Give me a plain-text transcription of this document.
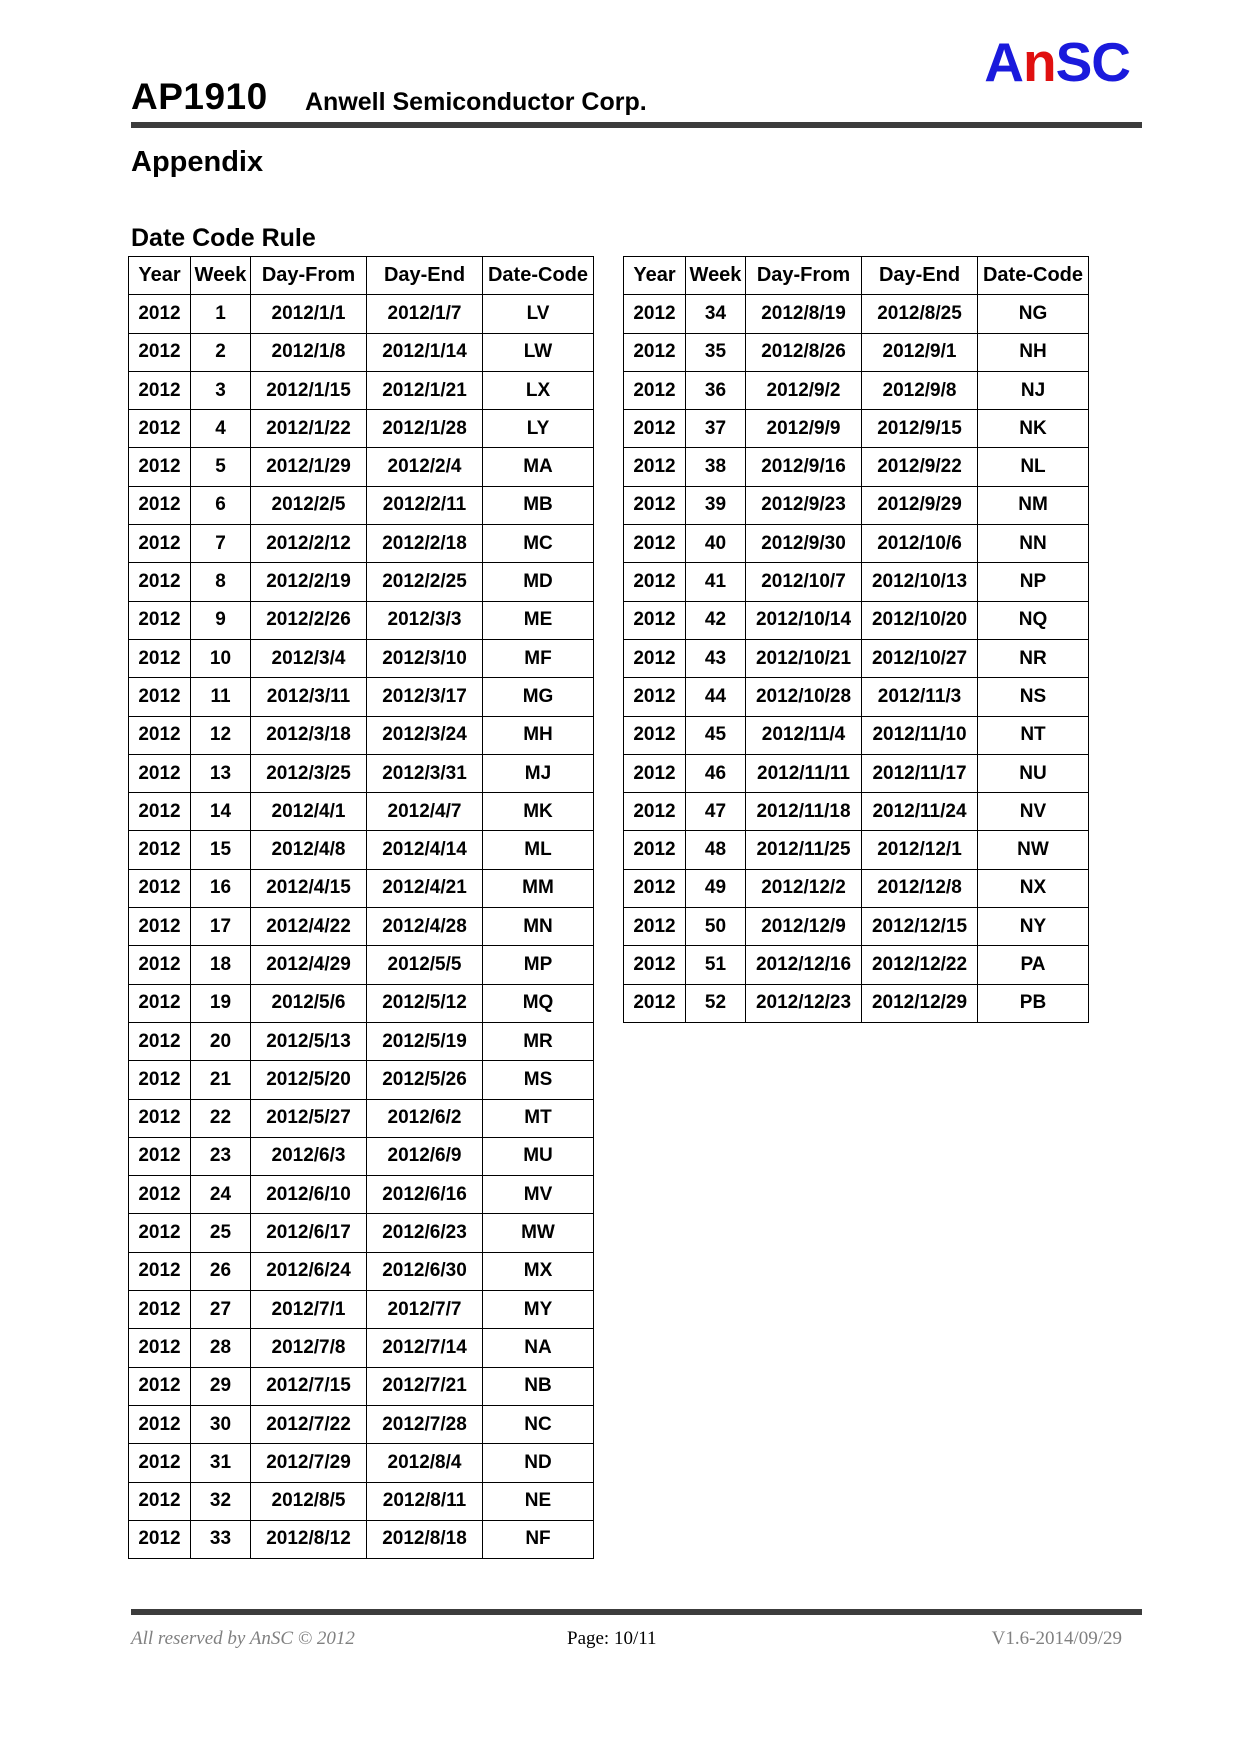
AP1910 Anwell Semiconductor Corp.
AnSC
Appendix
Date Code Rule
Year	Week	Day-From	Day-End	Date-Code
2012	1	2012/1/1	2012/1/7	LV
2012	2	2012/1/8	2012/1/14	LW
2012	3	2012/1/15	2012/1/21	LX
2012	4	2012/1/22	2012/1/28	LY
2012	5	2012/1/29	2012/2/4	MA
2012	6	2012/2/5	2012/2/11	MB
2012	7	2012/2/12	2012/2/18	MC
2012	8	2012/2/19	2012/2/25	MD
2012	9	2012/2/26	2012/3/3	ME
2012	10	2012/3/4	2012/3/10	MF
2012	11	2012/3/11	2012/3/17	MG
2012	12	2012/3/18	2012/3/24	MH
2012	13	2012/3/25	2012/3/31	MJ
2012	14	2012/4/1	2012/4/7	MK
2012	15	2012/4/8	2012/4/14	ML
2012	16	2012/4/15	2012/4/21	MM
2012	17	2012/4/22	2012/4/28	MN
2012	18	2012/4/29	2012/5/5	MP
2012	19	2012/5/6	2012/5/12	MQ
2012	20	2012/5/13	2012/5/19	MR
2012	21	2012/5/20	2012/5/26	MS
2012	22	2012/5/27	2012/6/2	MT
2012	23	2012/6/3	2012/6/9	MU
2012	24	2012/6/10	2012/6/16	MV
2012	25	2012/6/17	2012/6/23	MW
2012	26	2012/6/24	2012/6/30	MX
2012	27	2012/7/1	2012/7/7	MY
2012	28	2012/7/8	2012/7/14	NA
2012	29	2012/7/15	2012/7/21	NB
2012	30	2012/7/22	2012/7/28	NC
2012	31	2012/7/29	2012/8/4	ND
2012	32	2012/8/5	2012/8/11	NE
2012	33	2012/8/12	2012/8/18	NF
Year	Week	Day-From	Day-End	Date-Code
2012	34	2012/8/19	2012/8/25	NG
2012	35	2012/8/26	2012/9/1	NH
2012	36	2012/9/2	2012/9/8	NJ
2012	37	2012/9/9	2012/9/15	NK
2012	38	2012/9/16	2012/9/22	NL
2012	39	2012/9/23	2012/9/29	NM
2012	40	2012/9/30	2012/10/6	NN
2012	41	2012/10/7	2012/10/13	NP
2012	42	2012/10/14	2012/10/20	NQ
2012	43	2012/10/21	2012/10/27	NR
2012	44	2012/10/28	2012/11/3	NS
2012	45	2012/11/4	2012/11/10	NT
2012	46	2012/11/11	2012/11/17	NU
2012	47	2012/11/18	2012/11/24	NV
2012	48	2012/11/25	2012/12/1	NW
2012	49	2012/12/2	2012/12/8	NX
2012	50	2012/12/9	2012/12/15	NY
2012	51	2012/12/16	2012/12/22	PA
2012	52	2012/12/23	2012/12/29	PB
All reserved by AnSC © 2012	Page: 10/11	V1.6-2014/09/29
